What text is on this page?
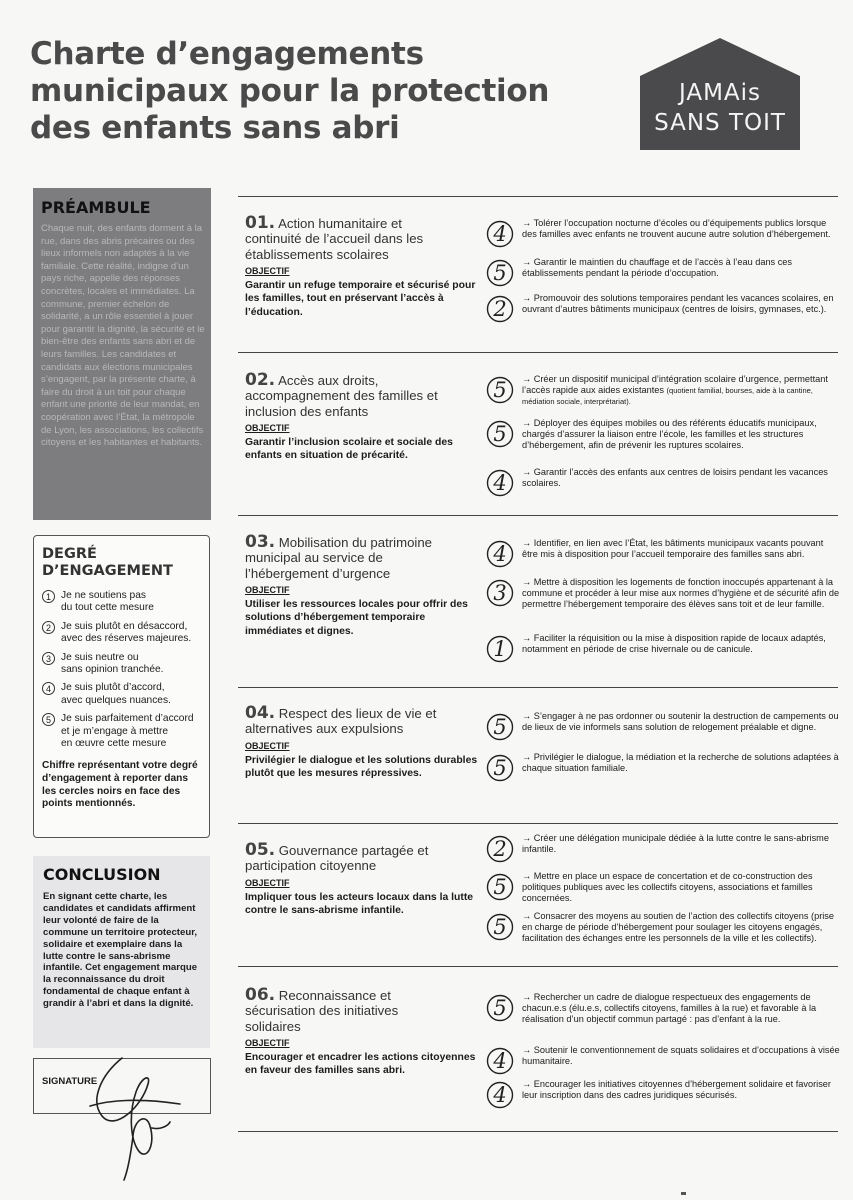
Charte d’engagements
municipaux pour la protection
des enfants sans abri
JAMAis
SANS TOIT
PRÉAMBULE

Chaque nuit, des enfants dorment à la rue, dans des abris précaires ou des lieux informels non adaptés à la vie familiale. Cette réalité, indigne d’un pays riche, appelle des réponses concrètes, locales et immédiates. La commune, premier échelon de solidarité, a un rôle essentiel à jouer pour garantir la dignité, la sécurité et le bien-être des enfants sans abri et de leurs familles. Les candidates et candidats aux élections municipales s’engagent, par la présente charte, à faire du droit à un toit pour chaque enfant une priorité de leur mandat, en coopération avec l’État, la métropole de Lyon, les associations, les collectifs citoyens et les habitantes et habitants.

DEGRÉ
D’ENGAGEMENT
1 Je ne soutiens pas
du tout cette mesure
2 Je suis plutôt en désaccord,
avec des réserves majeures.
3 Je suis neutre ou
sans opinion tranchée.
4 Je suis plutôt d’accord,
avec quelques nuances.
5 Je suis parfaitement d’accord
et je m’engage à mettre
en œuvre cette mesure
Chiffre représentant votre degré d’engagement à reporter dans les cercles noirs en face des points mentionnés.
CONCLUSION

En signant cette charte, les candidates et candidats affirment leur volonté de faire de la commune un territoire protecteur, solidaire et exemplaire dans la lutte contre le sans-abrisme infantile. Cet engagement marque la reconnaissance du droit fondamental de chaque enfant à grandir à l’abri et dans la dignité.

SIGNATURE
01. Action humanitaire et continuité de l’accueil dans les établissements scolaires
OBJECTIF
Garantir un refuge temporaire et sécurisé pour les familles, tout en préservant l’accès à l’éducation.
4 → Tolérer l’occupation nocturne d’écoles ou d’équipements publics lorsque des familles avec enfants ne trouvent aucune autre solution d’hébergement.
5 → Garantir le maintien du chauffage et de l’accès à l’eau dans ces établissements pendant la période d’occupation.
2 → Promouvoir des solutions temporaires pendant les vacances scolaires, en ouvrant d’autres bâtiments municipaux (centres de loisirs, gymnases, etc.).
02. Accès aux droits, accompagnement des familles et inclusion des enfants
OBJECTIF
Garantir l’inclusion scolaire et sociale des enfants en situation de précarité.
5 → Créer un dispositif municipal d’intégration scolaire d’urgence, permettant l’accès rapide aux aides existantes (quotient familial, bourses, aide à la cantine, médiation sociale, interprétariat).
5 → Déployer des équipes mobiles ou des référents éducatifs municipaux, chargés d’assurer la liaison entre l’école, les familles et les structures d’hébergement, afin de prévenir les ruptures scolaires.
4 → Garantir l’accès des enfants aux centres de loisirs pendant les vacances scolaires.
03. Mobilisation du patrimoine municipal au service de l’hébergement d’urgence
OBJECTIF
Utiliser les ressources locales pour offrir des solutions d’hébergement temporaire immédiates et dignes.
4 → Identifier, en lien avec l’État, les bâtiments municipaux vacants pouvant être mis à disposition pour l’accueil temporaire des familles sans abri.
3 → Mettre à disposition les logements de fonction inoccupés appartenant à la commune et procéder à leur mise aux normes d’hygiène et de sécurité afin de permettre l’hébergement temporaire des élèves sans toit et de leur famille.
1 → Faciliter la réquisition ou la mise à disposition rapide de locaux adaptés, notamment en période de crise hivernale ou de canicule.
04. Respect des lieux de vie et alternatives aux expulsions
OBJECTIF
Privilégier le dialogue et les solutions durables plutôt que les mesures répressives.
5 → S’engager à ne pas ordonner ou soutenir la destruction de campements ou de lieux de vie informels sans solution de relogement préalable et digne.
5 → Privilégier le dialogue, la médiation et la recherche de solutions adaptées à chaque situation familiale.
05. Gouvernance partagée et participation citoyenne
OBJECTIF
Impliquer tous les acteurs locaux dans la lutte contre le sans-abrisme infantile.
2 → Créer une délégation municipale dédiée à la lutte contre le sans-abrisme infantile.
5 → Mettre en place un espace de concertation et de co-construction des politiques publiques avec les collectifs citoyens, associations et familles concernées.
5 → Consacrer des moyens au soutien de l’action des collectifs citoyens (prise en charge de période d’hébergement pour soulager les citoyens engagés, facilitation des échanges entre les personnels de la ville et les collectifs).
06. Reconnaissance et sécurisation des initiatives solidaires
OBJECTIF
Encourager et encadrer les actions citoyennes en faveur des familles sans abri.
5 → Rechercher un cadre de dialogue respectueux des engagements de chacun.e.s (élu.e.s, collectifs citoyens, familles à la rue) et favorable à la réalisation d’un objectif commun partagé : pas d’enfant à la rue.
4 → Soutenir le conventionnement de squats solidaires et d’occupations à visée humanitaire.
4 → Encourager les initiatives citoyennes d’hébergement solidaire et favoriser leur inscription dans des cadres juridiques sécurisés.
